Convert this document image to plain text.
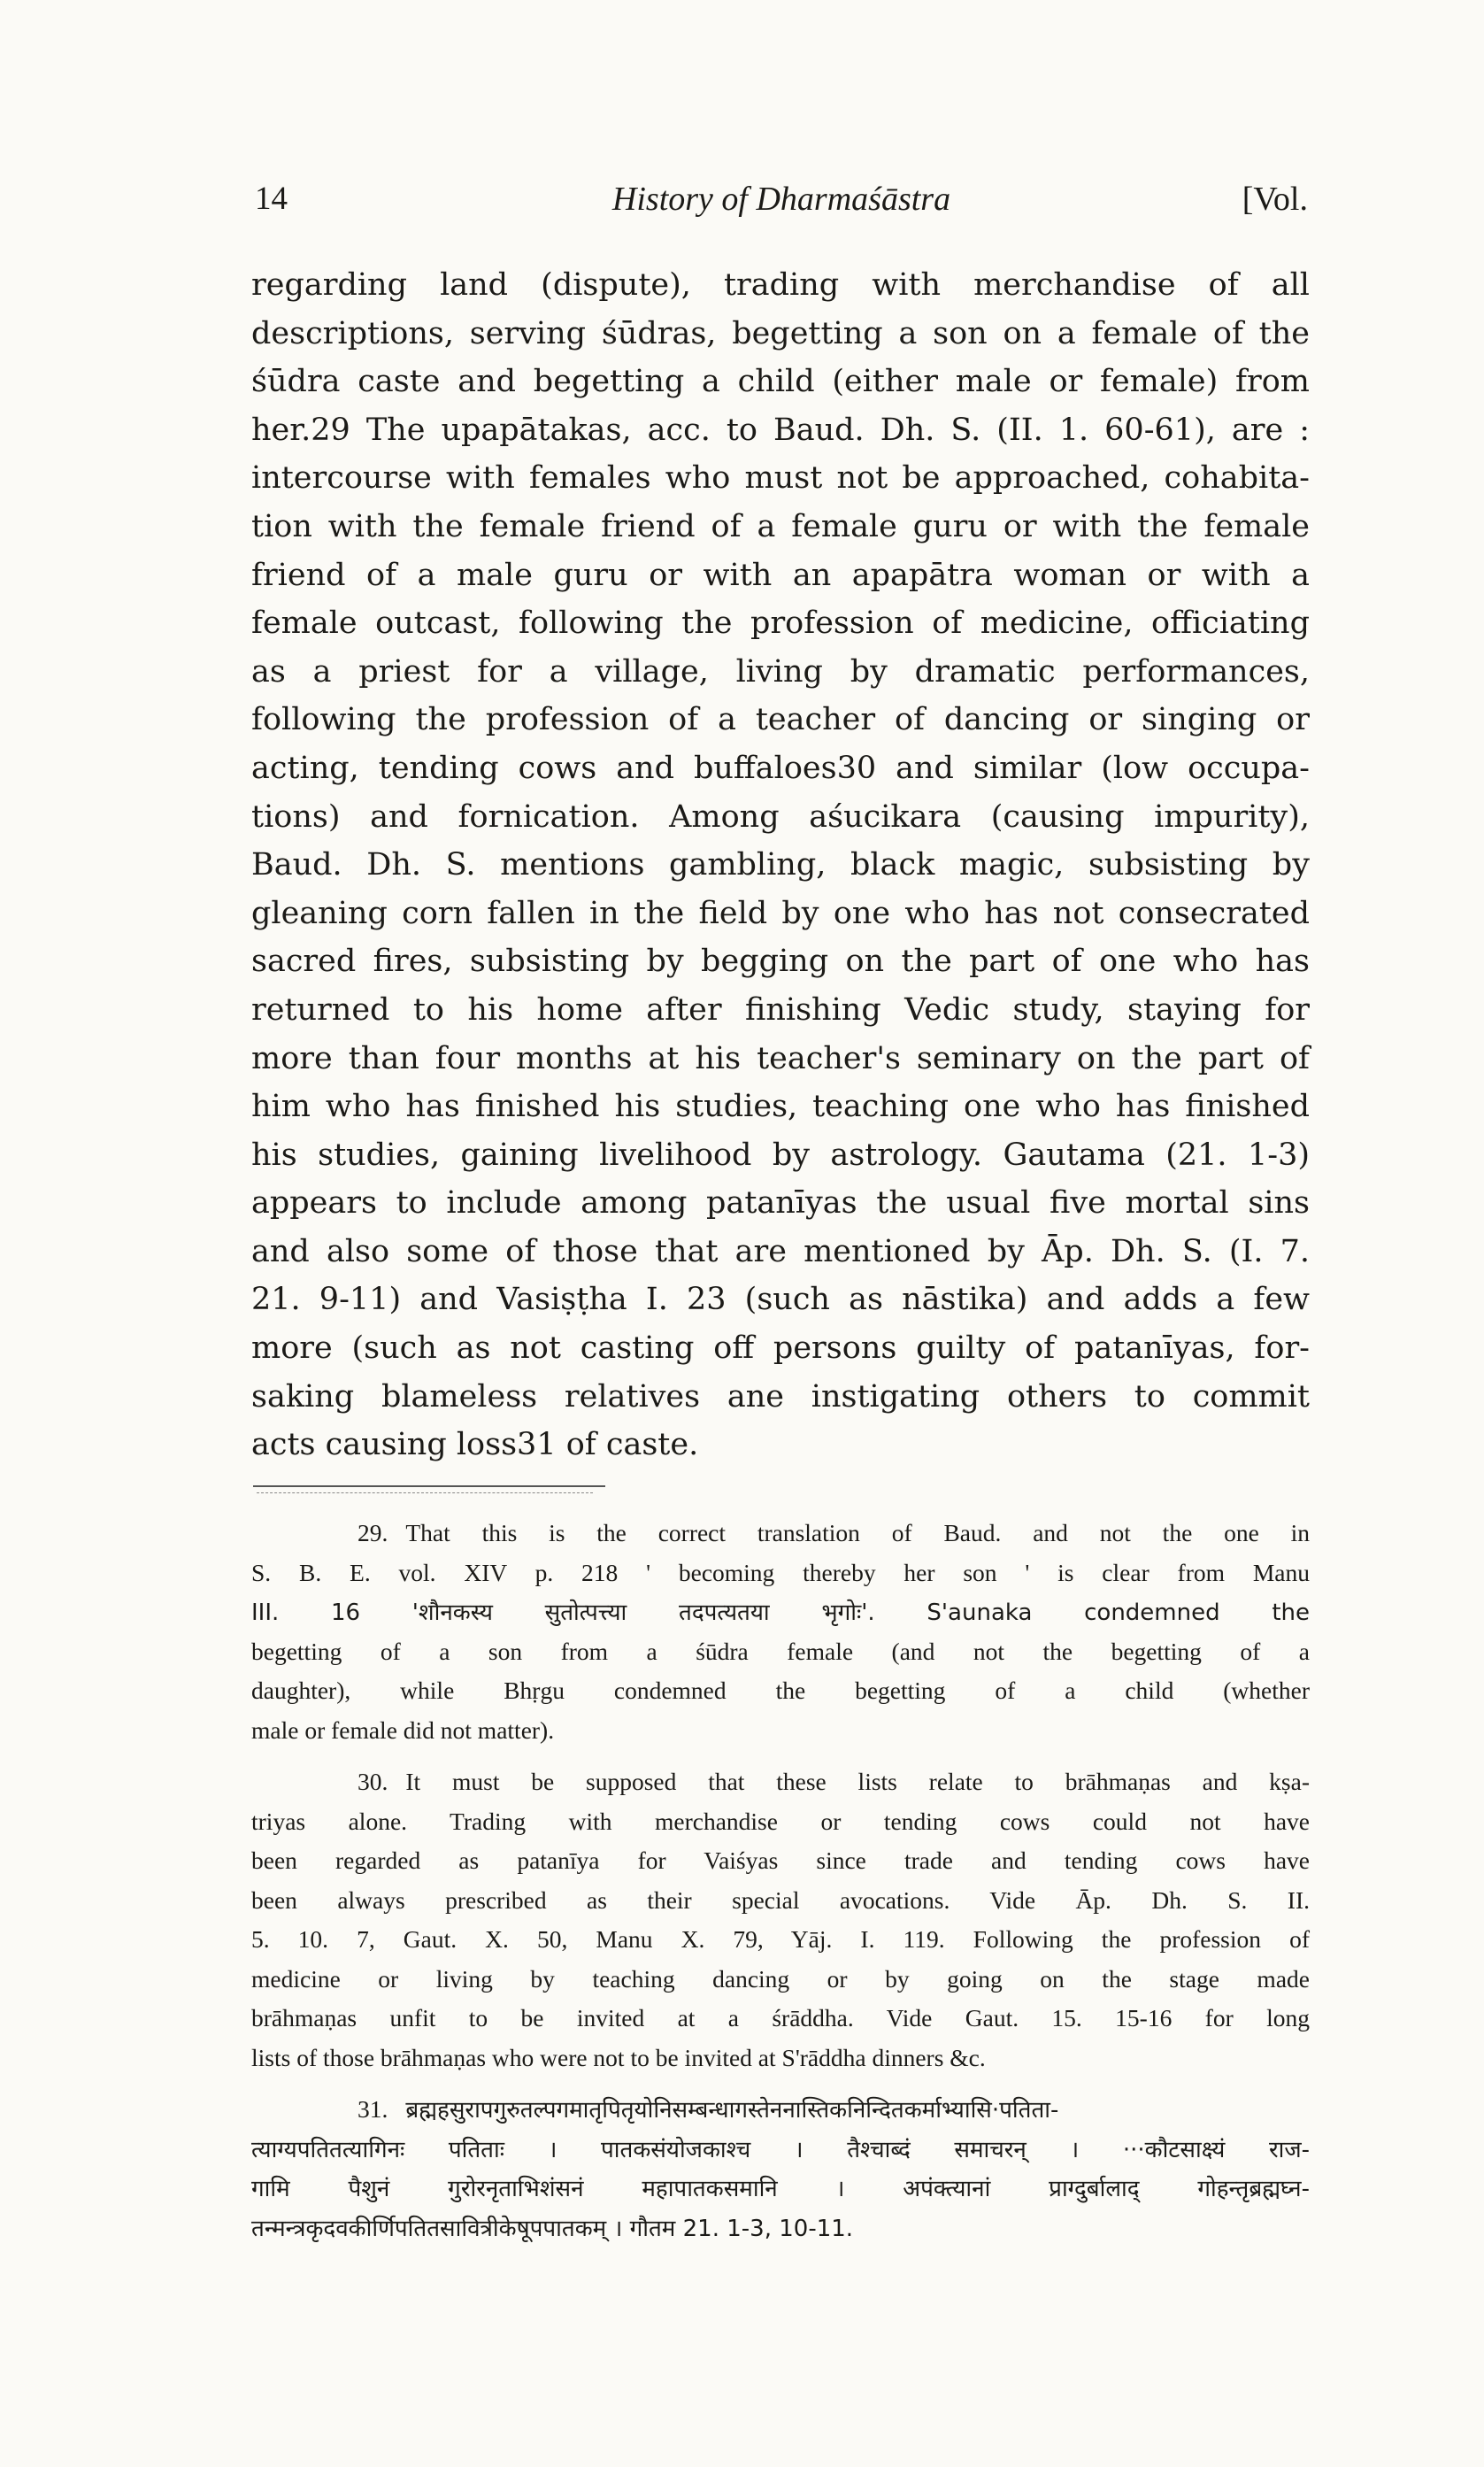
14	History of Dharmaśāstra	[Vol.
regarding land (dispute), trading with merchandise of all
descriptions, serving śūdras, begetting a son on a female of the
śūdra caste and begetting a child (either male or female) from
her.29 The upapātakas, acc. to Baud. Dh. S. (II. 1. 60-61), are :
intercourse with females who must not be approached, cohabita-
tion with the female friend of a female guru or with the female
friend of a male guru or with an apapātra woman or with a
female outcast, following the profession of medicine, officiating
as a priest for a village, living by dramatic performances,
following the profession of a teacher of dancing or singing or
acting, tending cows and buffaloes30 and similar (low occupa-
tions) and fornication. Among aśucikara (causing impurity),
Baud. Dh. S. mentions gambling, black magic, subsisting by
gleaning corn fallen in the field by one who has not consecrated
sacred fires, subsisting by begging on the part of one who has
returned to his home after finishing Vedic study, staying for
more than four months at his teacher's seminary on the part of
him who has finished his studies, teaching one who has finished
his studies, gaining livelihood by astrology. Gautama (21. 1-3)
appears to include among patanīyas the usual five mortal sins
and also some of those that are mentioned by Āp. Dh. S. (I. 7.
21. 9-11) and Vasiṣṭha I. 23 (such as nāstika) and adds a few
more (such as not casting off persons guilty of patanīyas, for-
saking blameless relatives ane instigating others to commit
acts causing loss31 of caste.
29. That this is the correct translation of Baud. and not the one in
S. B. E. vol. XIV p. 218 ' becoming thereby her son ' is clear from Manu
III. 16 'शौनकस्य सुतोत्पत्त्या तदपत्यतया भृगोः'. S'aunaka condemned the
begetting of a son from a śūdra female (and not the begetting of a
daughter), while Bhṛgu condemned the begetting of a child (whether
male or female did not matter).
30. It must be supposed that these lists relate to brāhmaṇas and kṣa-
triyas alone. Trading with merchandise or tending cows could not have
been regarded as patanīya for Vaiśyas since trade and tending cows have
been always prescribed as their special avocations. Vide Āp. Dh. S. II.
5. 10. 7, Gaut. X. 50, Manu X. 79, Yāj. I. 119. Following the profession of
medicine or living by teaching dancing or by going on the stage made
brāhmaṇas unfit to be invited at a śrāddha. Vide Gaut. 15. 15-16 for long
lists of those brāhmaṇas who were not to be invited at S'rāddha dinners &c.
31. ब्रह्महसुरापगुरुतल्पगमातृपितृयोनिसम्बन्धागस्तेननास्तिकनिन्दितकर्माभ्यासि·पतिता-
त्याग्यपतितत्यागिनः पतिताः । पातकसंयोजकाश्च । तैश्चाब्दं समाचरन् । ···कौटसाक्ष्यं राज-
गामि पैशुनं गुरोरनृताभिशंसनं महापातकसमानि । अपंक्त्यानां प्राग्दुर्बालाद् गोहन्तृब्रह्मघ्न-
तन्मन्त्रकृदवकीर्णिपतितसावित्रीकेषूपपातकम् । गौतम 21. 1-3, 10-11.
